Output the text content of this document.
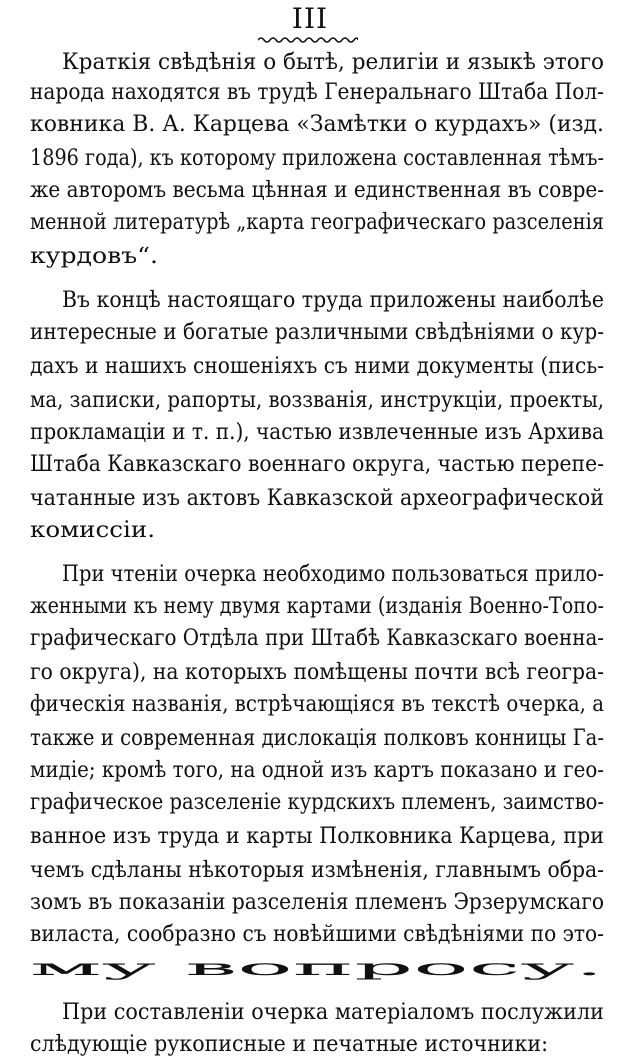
III
Краткія свѣдѣнія о бытѣ, религіи и языкѣ этого
народа находятся въ трудѣ Генеральнаго Штаба Пол-
ковника В. А. Карцева «Замѣтки о курдахъ» (изд.
1896 года), къ которому приложена составленная тѣмъ-
же авторомъ весьма цѣнная и единственная въ совре-
менной литературѣ „карта географическаго разселенія
курдовъ“.
Въ концѣ настоящаго труда приложены наиболѣе
интересные и богатые различными свѣдѣніями о кур-
дахъ и нашихъ сношеніяхъ съ ними документы (пись-
ма, записки, рапорты, воззванія, инструкціи, проекты,
прокламаціи и т. п.), частью извлеченные изъ Архива
Штаба Кавказскаго военнаго округа, частью перепе-
чатанные изъ актовъ Кавказской археографической
комиссіи.
При чтеніи очерка необходимо пользоваться прило-
женными къ нему двумя картами (изданія Военно-Топо-
графическаго Отдѣла при Штабѣ Кавказскаго военна-
го округа), на которыхъ помѣщены почти всѣ геогра-
фическія названія, встрѣчающіяся въ текстѣ очерка, а
также и современная дислокація полковъ конницы Га-
мидіе; кромѣ того, на одной изъ картъ показано и гео-
графическое разселеніе курдскихъ племенъ, заимство-
ванное изъ труда и карты Полковника Карцева, при
чемъ сдѣланы нѣкоторыя измѣненія, главнымъ обра-
зомъ въ показаніи разселенія племенъ Эрзерумскаго
виласта, сообразно съ новѣйшими свѣдѣніями по это-
му вопросу.
При составленіи очерка матеріаломъ послужили
слѣдующіе рукописные и печатные источники:
